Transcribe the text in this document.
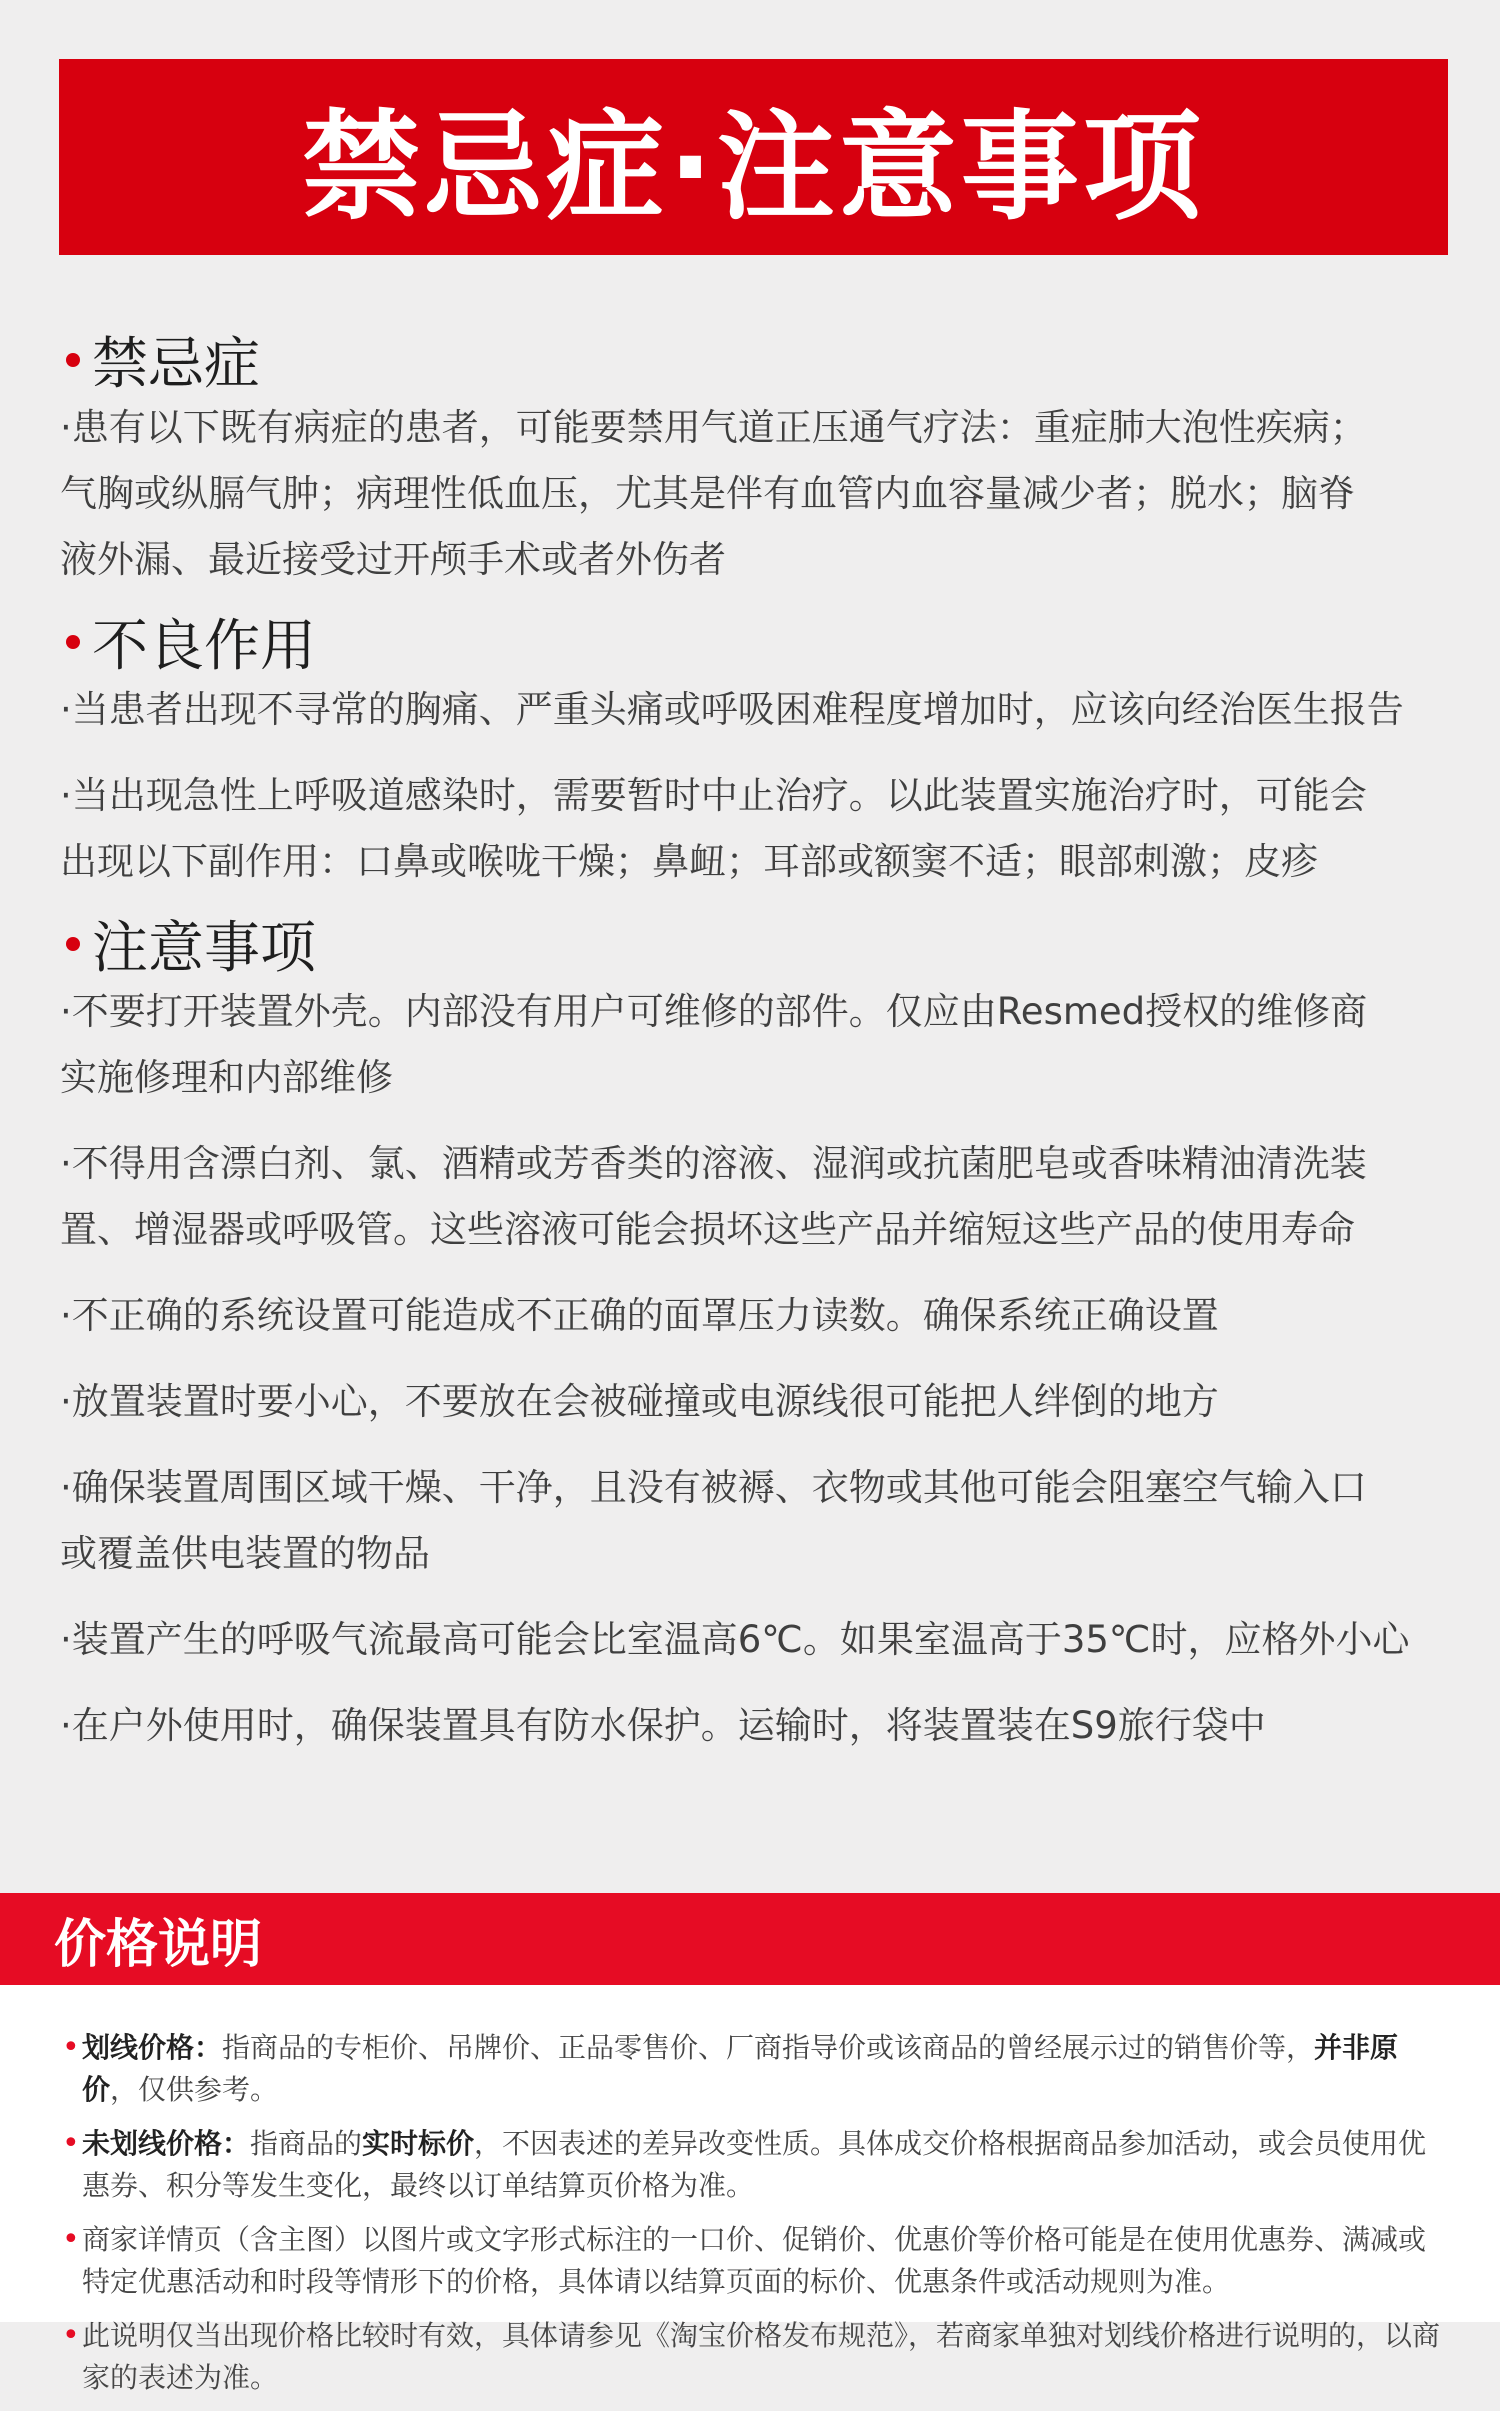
禁忌症·注意事项
禁忌症

·患有以下既有病症的患者，可能要禁用气道正压通气疗法：重症肺大泡性疾病；
气胸或纵膈气肿；病理性低血压，尤其是伴有血管内血容量减少者；脱水；脑脊
液外漏、最近接受过开颅手术或者外伤者

不良作用

·当患者出现不寻常的胸痛、严重头痛或呼吸困难程度增加时，应该向经治医生报告

·当出现急性上呼吸道感染时，需要暂时中止治疗。以此装置实施治疗时，可能会
出现以下副作用：口鼻或喉咙干燥；鼻衄；耳部或额窦不适；眼部刺激；皮疹

注意事项

·不要打开装置外壳。内部没有用户可维修的部件。仅应由Resmed授权的维修商
实施修理和内部维修

·不得用含漂白剂、氯、酒精或芳香类的溶液、湿润或抗菌肥皂或香味精油清洗装
置、增湿器或呼吸管。这些溶液可能会损坏这些产品并缩短这些产品的使用寿命

·不正确的系统设置可能造成不正确的面罩压力读数。确保系统正确设置

·放置装置时要小心，不要放在会被碰撞或电源线很可能把人绊倒的地方

·确保装置周围区域干燥、干净，且没有被褥、衣物或其他可能会阻塞空气输入口
或覆盖供电装置的物品

·装置产生的呼吸气流最高可能会比室温高6℃。如果室温高于35℃时，应格外小心

·在户外使用时，确保装置具有防水保护。运输时，将装置装在S9旅行袋中

价格说明
• 划线价格：指商品的专柜价、吊牌价、正品零售价、厂商指导价或该商品的曾经展示过的销售价等，并非原价，仅供参考。
• 未划线价格：指商品的实时标价，不因表述的差异改变性质。具体成交价格根据商品参加活动，或会员使用优惠券、积分等发生变化，最终以订单结算页价格为准。
• 商家详情页（含主图）以图片或文字形式标注的一口价、促销价、优惠价等价格可能是在使用优惠券、满减或特定优惠活动和时段等情形下的价格，具体请以结算页面的标价、优惠条件或活动规则为准。
• 此说明仅当出现价格比较时有效，具体请参见《淘宝价格发布规范》，若商家单独对划线价格进行说明的，以商家的表述为准。
